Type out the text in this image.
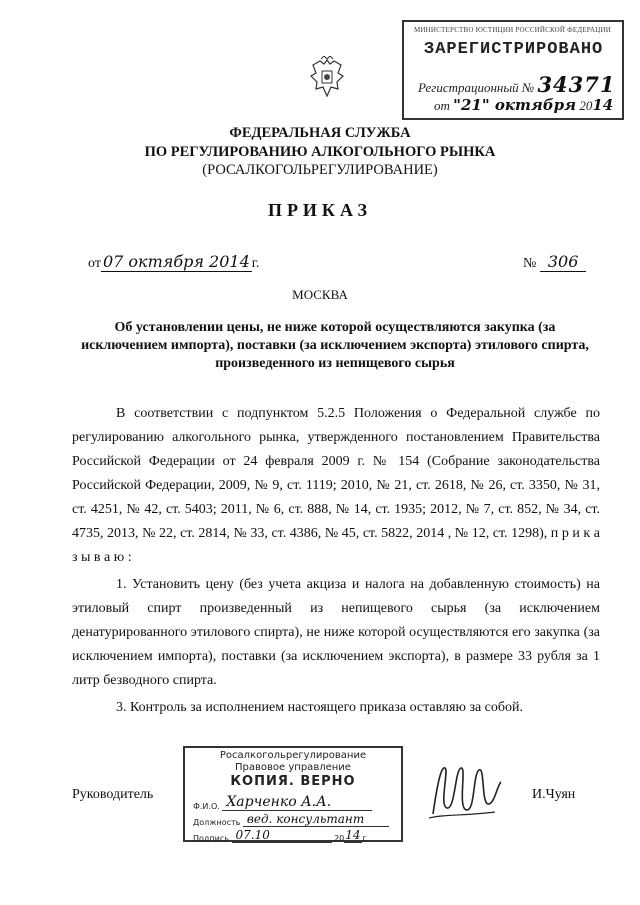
МИНИСТЕРСТВО ЮСТИЦИИ РОССИЙСКОЙ ФЕДЕРАЦИИ
ЗАРЕГИСТРИРОВАНО
Регистрационный № 34371
от "21" октября 2014
ФЕДЕРАЛЬНАЯ СЛУЖБА
ПО РЕГУЛИРОВАНИЮ АЛКОГОЛЬНОГО РЫНКА
(РОСАЛКОГОЛЬРЕГУЛИРОВАНИЕ)
ПРИКАЗ
от 07 октября 2014 г.	№ 306
МОСКВА
Об установлении цены, не ниже которой осуществляются закупка (за исключением импорта), поставки (за исключением экспорта) этилового спирта, произведенного из непищевого сырья

В соответствии с подпунктом 5.2.5 Положения о Федеральной службе по регулированию алкогольного рынка, утвержденного постановлением Правительства Российской Федерации от 24 февраля 2009 г. № 154 (Собрание законодательства Российской Федерации, 2009, № 9, ст. 1119; 2010, № 21, ст. 2618, № 26, ст. 3350, № 31, ст. 4251, № 42, ст. 5403; 2011, № 6, ст. 888, № 14, ст. 1935; 2012, № 7, ст. 852, № 34, ст. 4735, 2013, № 22, ст. 2814, № 33, ст. 4386, № 45, ст. 5822, 2014 , № 12, ст. 1298), п р и к а з ы в а ю :

1. Установить цену (без учета акциза и налога на добавленную стоимость) на этиловый спирт произведенный из непищевого сырья (за исключением денатурированного этилового спирта), не ниже которой осуществляются его закупка (за исключением импорта), поставки (за исключением экспорта), в размере 33 рубля за 1 литр безводного спирта.

3. Контроль за исполнением настоящего приказа оставляю за собой.

Руководитель	И.Чуян
Росалкогольрегулирование
Правовое управление
КОПИЯ. ВЕРНО
Ф.И.О. Харченко А.А.
Должность вед. консультант
Подпись 07.10	2014 г.
